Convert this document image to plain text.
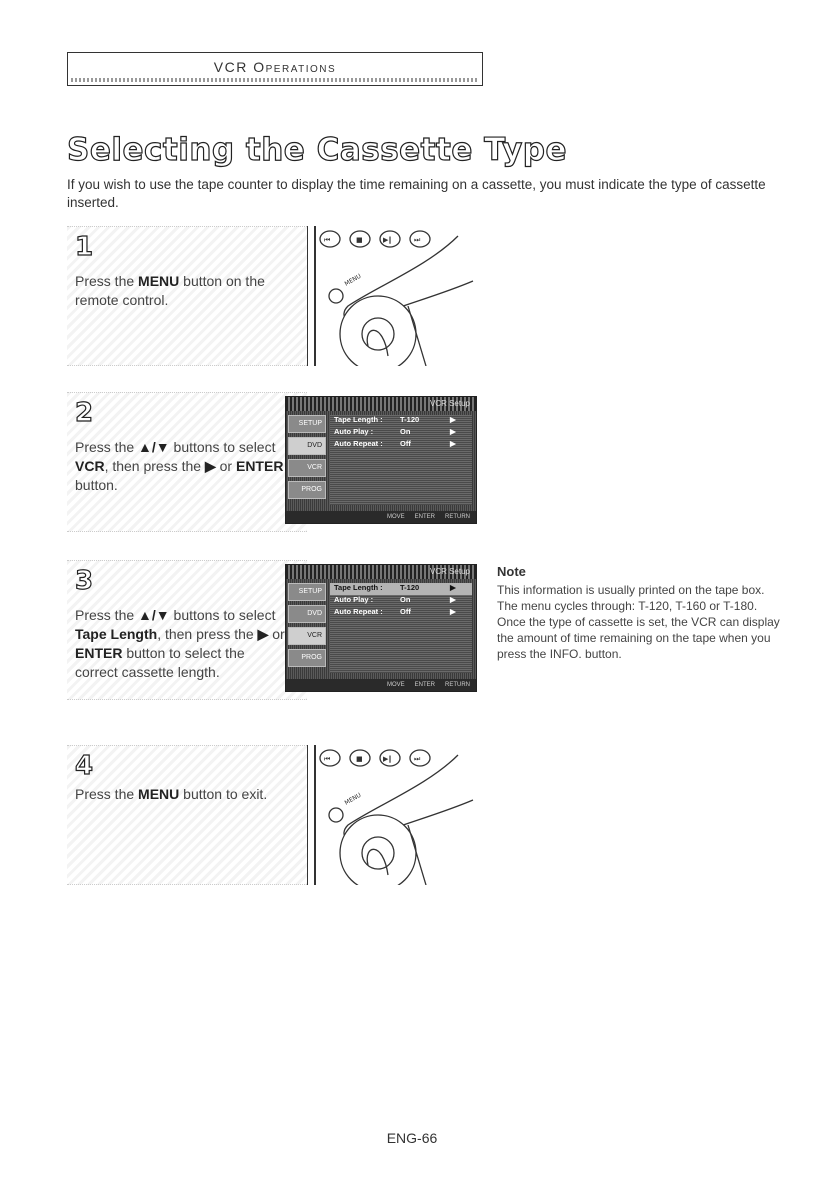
VCR Operations
Selecting the Cassette Type

If you wish to use the tape counter to display the time remaining on a cassette, you must indicate the type of cassette inserted.

1
Press the MENU button on the remote control.
⏮	■	▶‖	⏭
MENU
2
Press the ▲/▼ buttons to select VCR, then press the ▶ or ENTER button.
VCR Setup
SETUP
DVD
VCR
PROG
Tape Length :	T-120	▶
Auto Play :	On	▶
Auto Repeat :	Off	▶
MOVE ENTER RETURN
3
Press the ▲/▼ buttons to select Tape Length, then press the ▶ or ENTER button to select the correct cassette length.
VCR Setup
SETUP
DVD
VCR
PROG
Tape Length :	T-120	▶
Auto Play :	On	▶
Auto Repeat :	Off	▶
MOVE ENTER RETURN
Note

This information is usually printed on the tape box. The menu cycles through: T-120, T-160 or T-180.

Once the type of cassette is set, the VCR can display the amount of time remaining on the tape when you press the INFO. button.

4
Press the MENU button to exit.
⏮	■	▶‖	⏭
MENU
ENG-66
